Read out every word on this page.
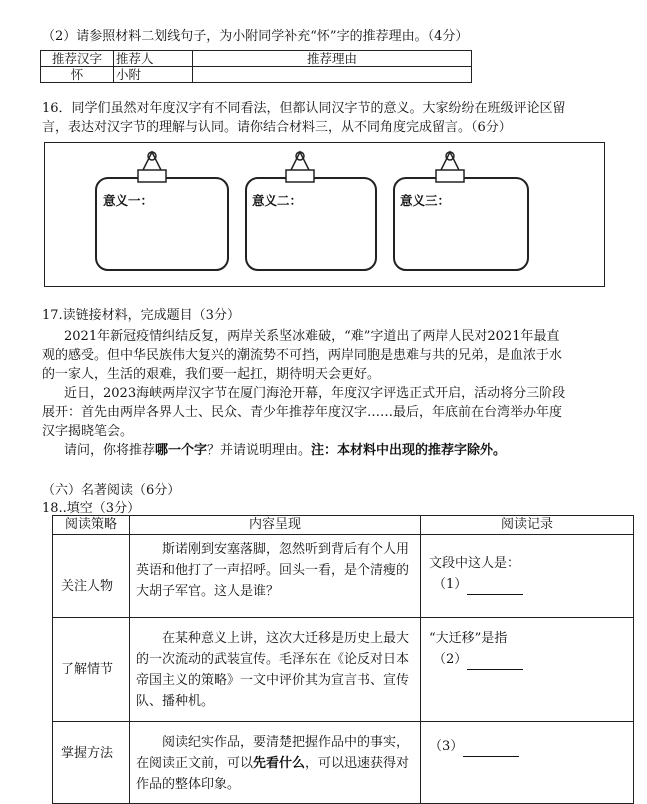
（2）请参照材料二划线句子，为小附同学补充“怀”字的推荐理由。（4分）
推荐汉字	推荐人	推荐理由
怀	小附	
16．同学们虽然对年度汉字有不同看法，但都认同汉字节的意义。大家纷纷在班级评论区留
言，表达对汉字节的理解与认同。请你结合材料三，从不同角度完成留言。（6分）
意义一：	意义二：	意义三：
17.读链接材料，完成题目（3分）
2021年新冠疫情纠结反复，两岸关系坚冰难破，“难”字道出了两岸人民对2021年最直
观的感受。但中华民族伟大复兴的潮流势不可挡，两岸同胞是患难与共的兄弟，是血浓于水
的一家人，生活的艰难，我们要一起扛，期待明天会更好。
近日，2023海峡两岸汉字节在厦门海沧开幕，年度汉字评选正式开启，活动将分三阶段
展开：首先由两岸各界人士、民众、青少年推荐年度汉字……最后，年底前在台湾举办年度
汉字揭晓笔会。
请问，你将推荐哪一个字？并请说明理由。注：本材料中出现的推荐字除外。
（六）名著阅读（6分）
18..填空（3分）
阅读策略	内容呈现	阅读记录
关注人物	斯诺刚到安塞落脚，忽然听到背后有个人用英语和他打了一声招呼。回头一看，是个清瘦的大胡子军官。这人是谁？	文段中这人是：
（1）

了解情节	在某种意义上讲，这次大迁移是历史上最大的一次流动的武装宣传。毛泽东在《论反对日本帝国主义的策略》一文中评价其为宣言书、宣传队、播种机。	“大迁移”是指
（2）

掌握方法	阅读纪实作品，要清楚把握作品中的事实，在阅读正文前，可以先看什么，可以迅速获得对作品的整体印象。	（3）
